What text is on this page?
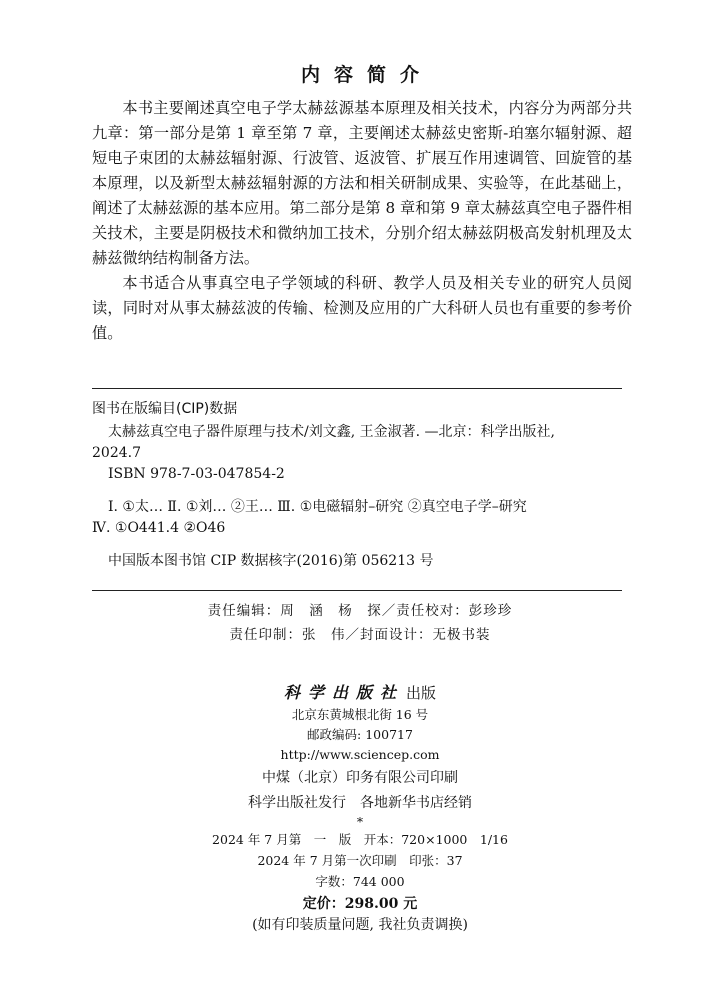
内容简介

本书主要阐述真空电子学太赫兹源基本原理及相关技术，内容分为两部分共九章：第一部分是第 1 章至第 7 章，主要阐述太赫兹史密斯-珀塞尔辐射源、超短电子束团的太赫兹辐射源、行波管、返波管、扩展互作用速调管、回旋管的基本原理，以及新型太赫兹辐射源的方法和相关研制成果、实验等，在此基础上，阐述了太赫兹源的基本应用。第二部分是第 8 章和第 9 章太赫兹真空电子器件相关技术，主要是阴极技术和微纳加工技术，分别介绍太赫兹阴极高发射机理及太赫兹微纳结构制备方法。

本书适合从事真空电子学领域的科研、教学人员及相关专业的研究人员阅读，同时对从事太赫兹波的传输、检测及应用的广大科研人员也有重要的参考价值。

图书在版编目(CIP)数据
太赫兹真空电子器件原理与技术/刘文鑫, 王金淑著. —北京：科学出版社,
2024.7
ISBN 978-7-03-047854-2
Ⅰ. ①太… Ⅱ. ①刘… ②王… Ⅲ. ①电磁辐射–研究 ②真空电子学–研究
Ⅳ. ①O441.4 ②O46
中国版本图书馆 CIP 数据核字(2016)第 056213 号
责任编辑：周　涵　杨　探／责任校对：彭珍珍
责任印制：张　伟／封面设计：无极书装
科学出版社 出版
北京东黄城根北街 16 号
邮政编码: 100717
http://www.sciencep.com
中煤（北京）印务有限公司印刷
科学出版社发行　各地新华书店经销
*
2024 年 7 月第　一　版　开本：720×1000　1/16
2024 年 7 月第一次印刷　印张：37
字数：744 000
定价：298.00 元
(如有印装质量问题, 我社负责调换)
